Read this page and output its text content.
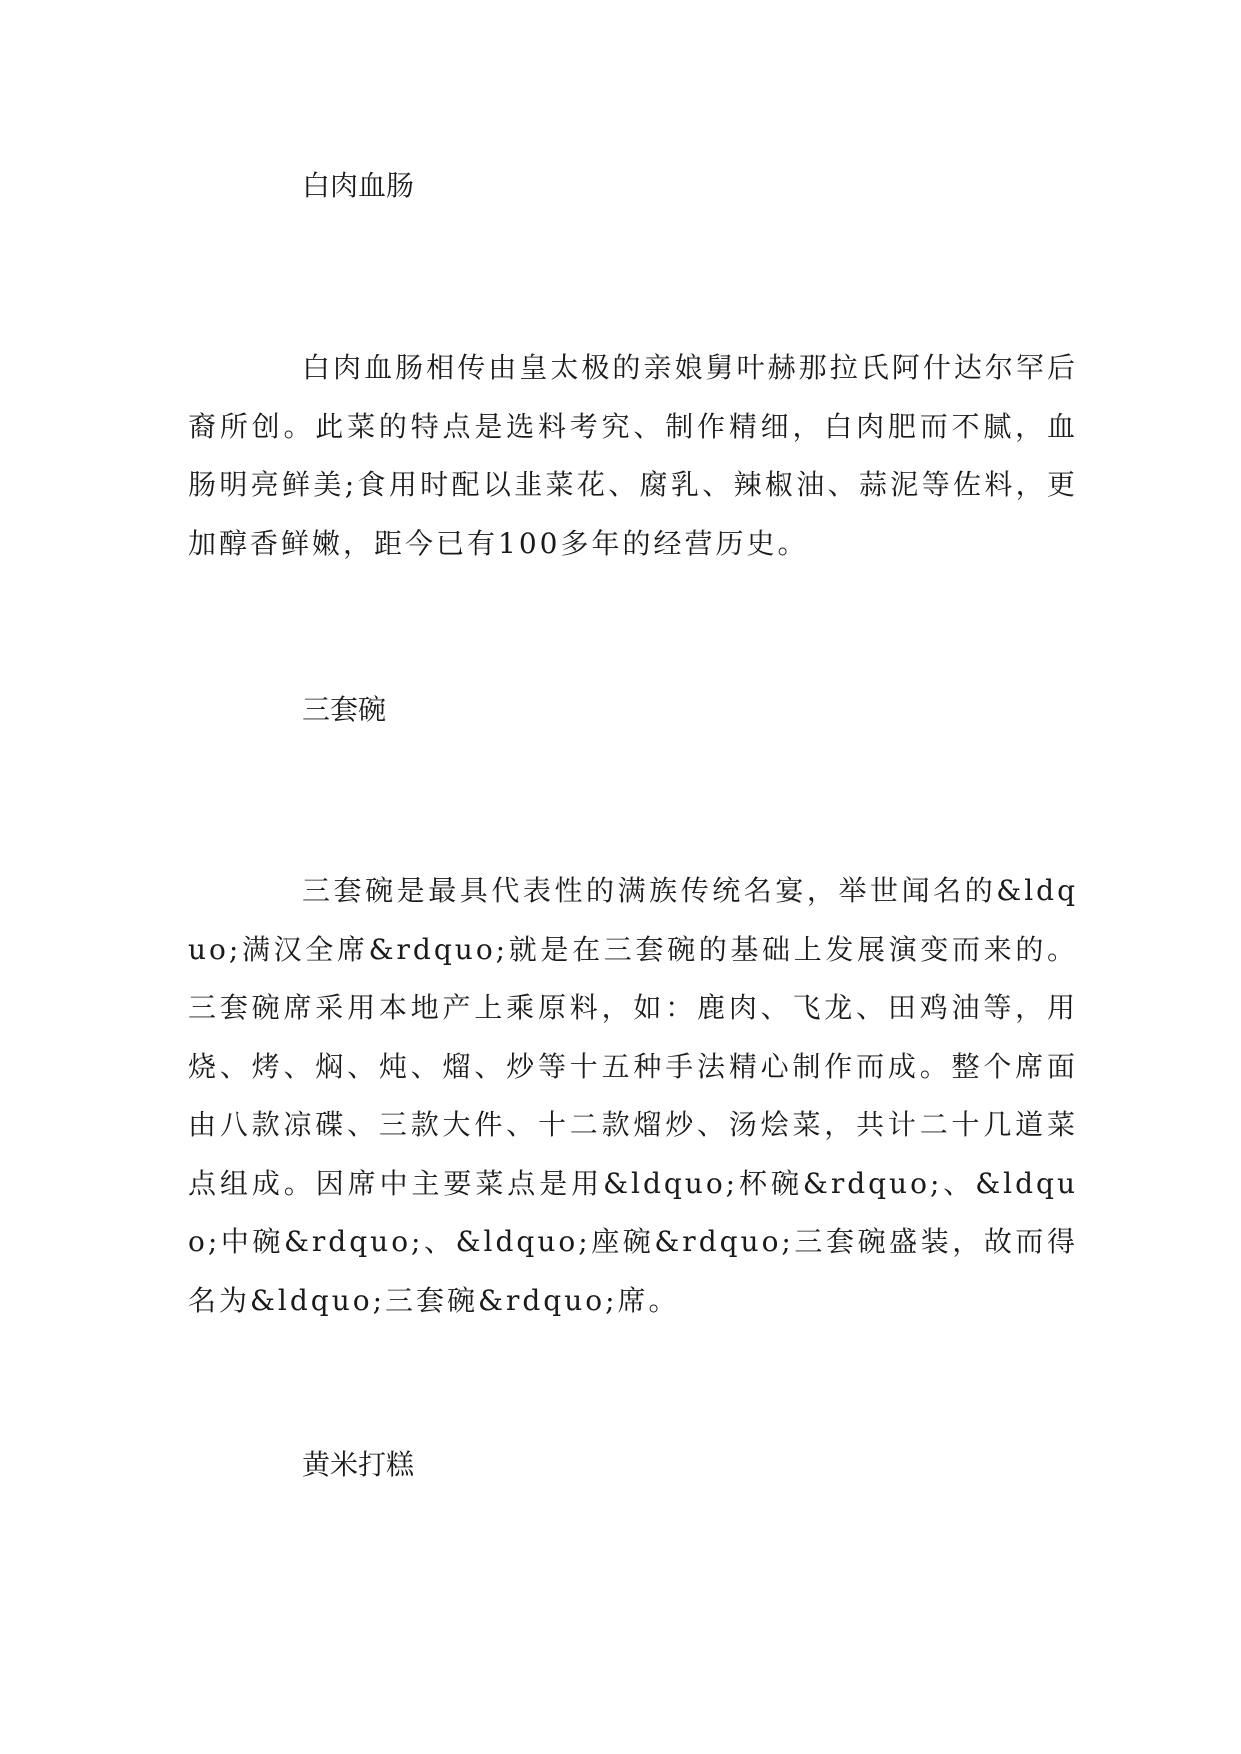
白肉血肠

白肉血肠相传由皇太极的亲娘舅叶赫那拉氏阿什达尔罕后裔所创。此菜的特点是选料考究、制作精细，白肉肥而不腻，血肠明亮鲜美;食用时配以韭菜花、腐乳、辣椒油、蒜泥等佐料，更加醇香鲜嫩，距今已有100多年的经营历史。

三套碗

三套碗是最具代表性的满族传统名宴，举世闻名的&ldquo;满汉全席&rdquo;就是在三套碗的基础上发展演变而来的。三套碗席采用本地产上乘原料，如：鹿肉、飞龙、田鸡油等，用烧、烤、焖、炖、熘、炒等十五种手法精心制作而成。整个席面由八款凉碟、三款大件、十二款熘炒、汤烩菜，共计二十几道菜点组成。因席中主要菜点是用&ldquo;杯碗&rdquo;、&ldquo;中碗&rdquo;、&ldquo;座碗&rdquo;三套碗盛装，故而得名为&ldquo;三套碗&rdquo;席。

黄米打糕
